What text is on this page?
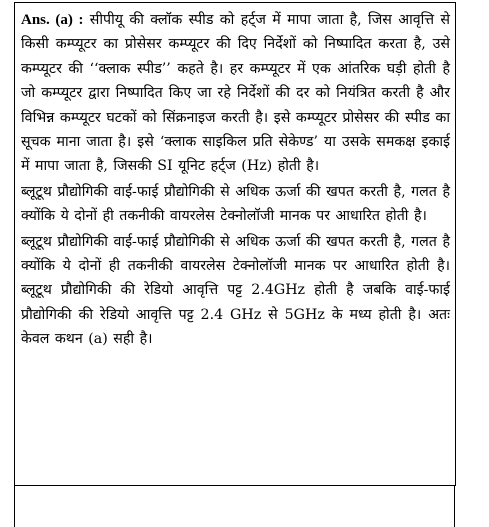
Ans. (a) : सीपीयू की क्लॉक स्पीड को हर्ट्ज में मापा जाता है, जिस आवृत्ति से किसी कम्प्यूटर का प्रोसेसर कम्प्यूटर की दिए निर्देशों को निष्पादित करता है, उसे कम्प्यूटर की ‘‘क्लाक स्पीड’’ कहते है। हर कम्प्यूटर में एक आंतरिक घड़ी होती है जो कम्प्यूटर द्वारा निष्पादित किए जा रहे निर्देशों की दर को नियंत्रित करती है और विभिन्न कम्प्यूटर घटकों को सिंक्रनाइज करती है। इसे कम्प्यूटर प्रोसेसर की स्पीड का सूचक माना जाता है। इसे ‘क्लाक साइकिल प्रति सेकेण्ड’ या उसके समकक्ष इकाई में मापा जाता है, जिसकी SI यूनिट हर्ट्ज (Hz) होती है।

ब्लूटूथ प्रौद्योगिकी वाई-फाई प्रौद्योगिकी से अधिक ऊर्जा की खपत करती है, गलत है क्योंकि ये दोनों ही तकनीकी वायरलेस टेक्नोलॉजी मानक पर आधारित होती है।

ब्लूटूथ प्रौद्योगिकी वाई-फाई प्रौद्योगिकी से अधिक ऊर्जा की खपत करती है, गलत है क्योंकि ये दोनों ही तकनीकी वायरलेस टेक्नोलॉजी मानक पर आधारित होती है। ब्लूटूथ प्रौद्योगिकी की रेडियो आवृत्ति पट्ट 2.4GHz होती है जबकि वाई-फाई प्रौद्योगिकी की रेडियो आवृत्ति पट्ट 2.4 GHz से 5GHz के मध्य होती है। अतः केवल कथन (a) सही है।
